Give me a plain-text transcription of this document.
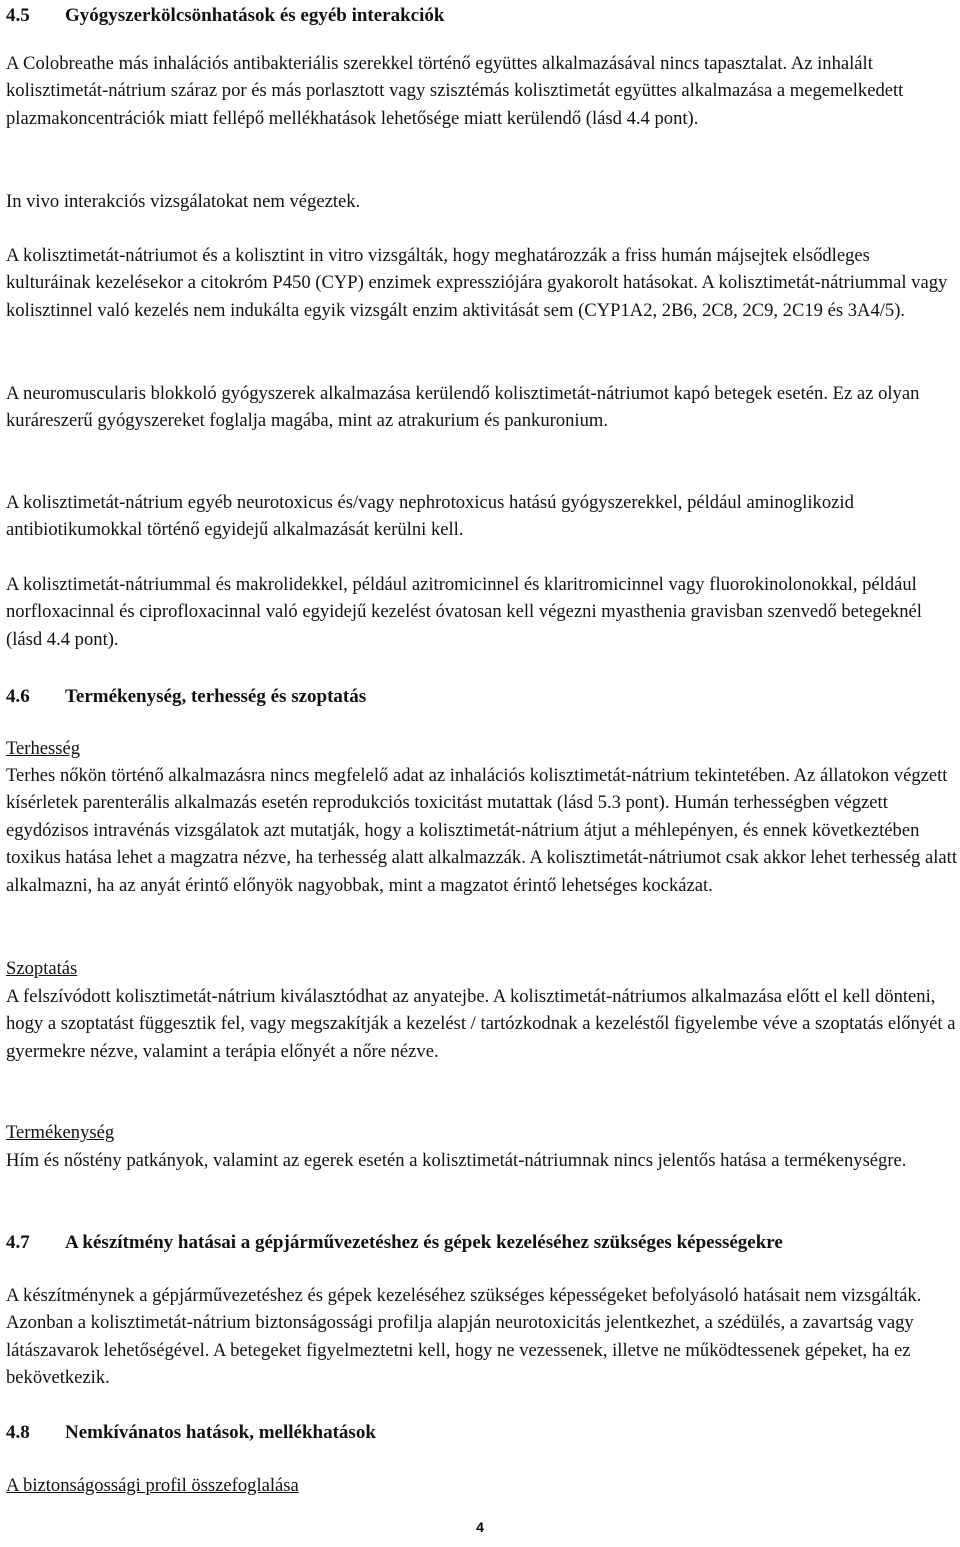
4.5	Gyógyszerkölcsönhatások és egyéb interakciók

A Colobreathe más inhalációs antibakteriális szerekkel történő együttes alkalmazásával nincs tapasztalat. Az inhalált kolisztimetát-nátrium száraz por és más porlasztott vagy szisztémás kolisztimetát együttes alkalmazása a megemelkedett plazmakoncentrációk miatt fellépő mellékhatások lehetősége miatt kerülendő (lásd 4.4 pont).

In vivo interakciós vizsgálatokat nem végeztek.

A kolisztimetát-nátriumot és a kolisztint in vitro vizsgálták, hogy meghatározzák a friss humán májsejtek elsődleges kulturáinak kezelésekor a citokróm P450 (CYP) enzimek expressziójára gyakorolt hatásokat. A kolisztimetát-nátriummal vagy kolisztinnel való kezelés nem indukálta egyik vizsgált enzim aktivitását sem (CYP1A2, 2B6, 2C8, 2C9, 2C19 és 3A4/5).

A neuromuscularis blokkoló gyógyszerek alkalmazása kerülendő kolisztimetát-nátriumot kapó betegek esetén. Ez az olyan kuráreszerű gyógyszereket foglalja magába, mint az atrakurium és pankuronium.

A kolisztimetát-nátrium egyéb neurotoxicus és/vagy nephrotoxicus hatású gyógyszerekkel, például aminoglikozid antibiotikumokkal történő egyidejű alkalmazását kerülni kell.

A kolisztimetát-nátriummal és makrolidekkel, például azitromicinnel és klaritromicinnel vagy fluorokinolonokkal, például norfloxacinnal és ciprofloxacinnal való egyidejű kezelést óvatosan kell végezni myasthenia gravisban szenvedő betegeknél (lásd 4.4 pont).

4.6	Termékenység, terhesség és szoptatás

Terhesség

Terhes nőkön történő alkalmazásra nincs megfelelő adat az inhalációs kolisztimetát-nátrium tekintetében. Az állatokon végzett kísérletek parenterális alkalmazás esetén reprodukciós toxicitást mutattak (lásd 5.3 pont). Humán terhességben végzett egydózisos intravénás vizsgálatok azt mutatják, hogy a kolisztimetát-nátrium átjut a méhlepényen, és ennek következtében toxikus hatása lehet a magzatra nézve, ha terhesség alatt alkalmazzák. A kolisztimetát-nátriumot csak akkor lehet terhesség alatt alkalmazni, ha az anyát érintő előnyök nagyobbak, mint a magzatot érintő lehetséges kockázat.

Szoptatás

A felszívódott kolisztimetát-nátrium kiválasztódhat az anyatejbe. A kolisztimetát-nátriumos alkalmazása előtt el kell dönteni, hogy a szoptatást függesztik fel, vagy megszakítják a kezelést / tartózkodnak a kezeléstől figyelembe véve a szoptatás előnyét a gyermekre nézve, valamint a terápia előnyét a nőre nézve.

Termékenység

Hím és nőstény patkányok, valamint az egerek esetén a kolisztimetát-nátriumnak nincs jelentős hatása a termékenységre.

4.7	A készítmény hatásai a gépjárművezetéshez és gépek kezeléséhez szükséges képességekre

A készítménynek a gépjárművezetéshez és gépek kezeléséhez szükséges képességeket befolyásoló hatásait nem vizsgálták. Azonban a kolisztimetát-nátrium biztonságossági profilja alapján neurotoxicitás jelentkezhet, a szédülés, a zavartság vagy látászavarok lehetőségével. A betegeket figyelmeztetni kell, hogy ne vezessenek, illetve ne működtessenek gépeket, ha ez bekövetkezik.

4.8	Nemkívánatos hatások, mellékhatások

A biztonságossági profil összefoglalása

4
